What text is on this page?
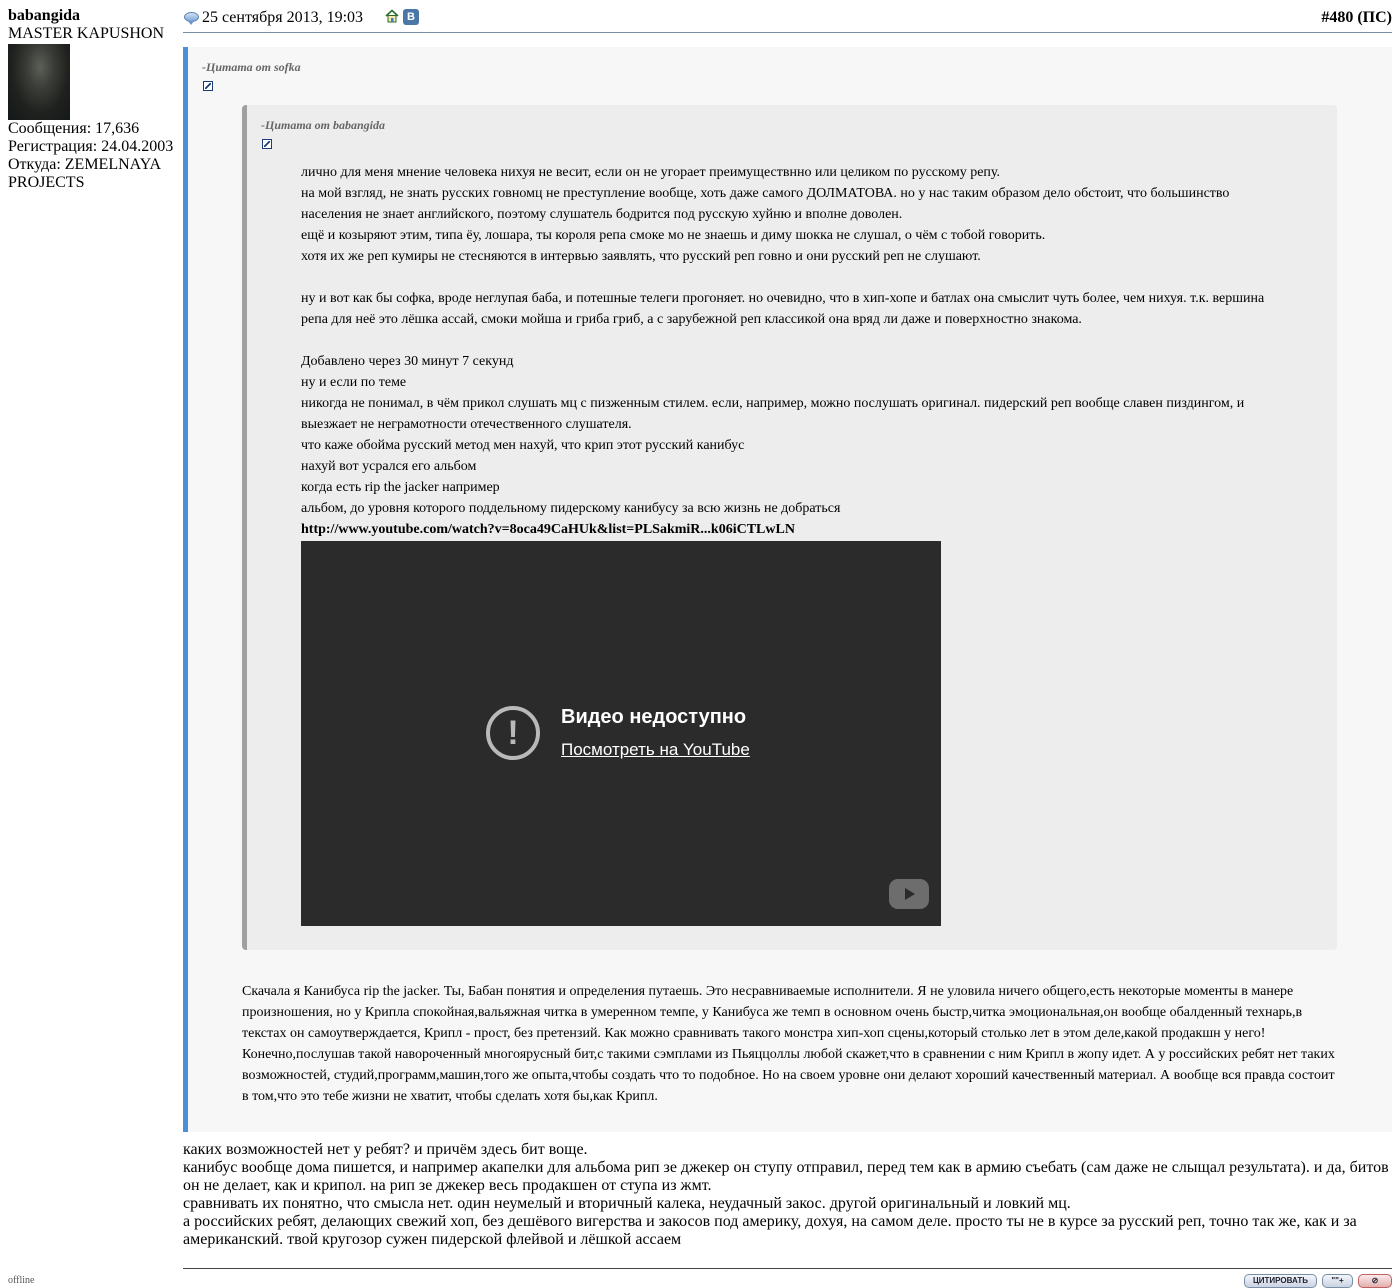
babangida
MASTER KAPUSHON
Сообщения: 17,636
Регистрация: 24.04.2003
Откуда: ZEMELNAYA
PROJECTS
offline
25 сентября 2013, 19:03	В	#480 (ПС)
-Цитата от sofka
-Цитата от babangida

лично для меня мнение человека нихуя не весит, если он не угорает преимуществнно или целиком по русскому репу.

на мой взгляд, не знать русских говномц не преступление вообще, хоть даже самого ДОЛМАТОВА. но у нас таким образом дело обстоит, что большинство

населения не знает английского, поэтому слушатель бодрится под русскую хуйню и вполне доволен.

ещё и козыряют этим, типа ёу, лошара, ты короля репа смоке мо не знаешь и диму шокка не слушал, о чём с тобой говорить.

хотя их же реп кумиры не стесняются в интервью заявлять, что русский реп говно и они русский реп не слушают.

ну и вот как бы софка, вроде неглупая баба, и потешные телеги прогоняет. но очевидно, что в хип-хопе и батлах она смыслит чуть более, чем нихуя. т.к. вершина

репа для неё это лёшка ассай, смоки мойша и гриба гриб, а с зарубежной реп классикой она вряд ли даже и поверхностно знакома.

Добавлено через 30 минут 7 секунд

ну и если по теме

никогда не понимал, в чём прикол слушать мц с пизженным стилем. если, например, можно послушать оригинал. пидерский реп вообще славен пиздингом, и

выезжает не неграмотности отечественного слушателя.

что каже обойма русский метод мен нахуй, что крип этот русский канибус

нахуй вот усрался его альбом

когда есть rip the jacker например

альбом, до уровня которого поддельному пидерскому канибусу за всю жизнь не добраться

http://www.youtube.com/watch?v=8oca49CaHUk&list=PLSakmiR...k06iCTLwLN

!	Видео недоступно
Посмотреть на YouTube

Скачала я Канибуса rip the jacker. Ты, Бабан понятия и определения путаешь. Это несравниваемые исполнители. Я не уловила ничего общего,есть некоторые моменты в манере

произношения, но у Крипла спокойная,вальяжная читка в умеренном темпе, у Канибуса же темп в основном очень быстр,читка эмоциональная,он вообще обалденный технарь,в

текстах он самоутверждается, Крипл - прост, без претензий. Как можно сравнивать такого монстра хип-хоп сцены,который столько лет в этом деле,какой продакшн у него!

Конечно,послушав такой навороченный многоярусный бит,с такими сэмплами из Пьяццоллы любой скажет,что в сравнении с ним Крипл в жопу идет. А у российских ребят нет таких

возможностей, студий,программ,машин,того же опыта,чтобы создать что то подобное. Но на своем уровне они делают хороший качественный материал. А вообще вся правда состоит

в том,что это тебе жизни не хватит, чтобы сделать хотя бы,как Крипл.

каких возможностей нет у ребят? и причём здесь бит воще.

канибус вообще дома пишется, и например акапелки для альбома рип зе джекер он ступу отправил, перед тем как в армию съебать (сам даже не слыщал результата). и да, битов

он не делает, как и крипол. на рип зе джекер весь продакшен от ступа из жмт.

сравнивать их понятно, что смысла нет. один неумелый и вторичный калека, неудачный закос. другой оригинальный и ловкий мц.

а российских ребят, делающих свежий хоп, без дешёвого вигерства и закосов под америку, дохуя, на самом деле. просто ты не в курсе за русский реп, точно так же, как и за

американский. твой кругозор сужен пидерской флейвой и лёшкой ассаем

ЦИТИРОВАТЬ	""+	⊘
